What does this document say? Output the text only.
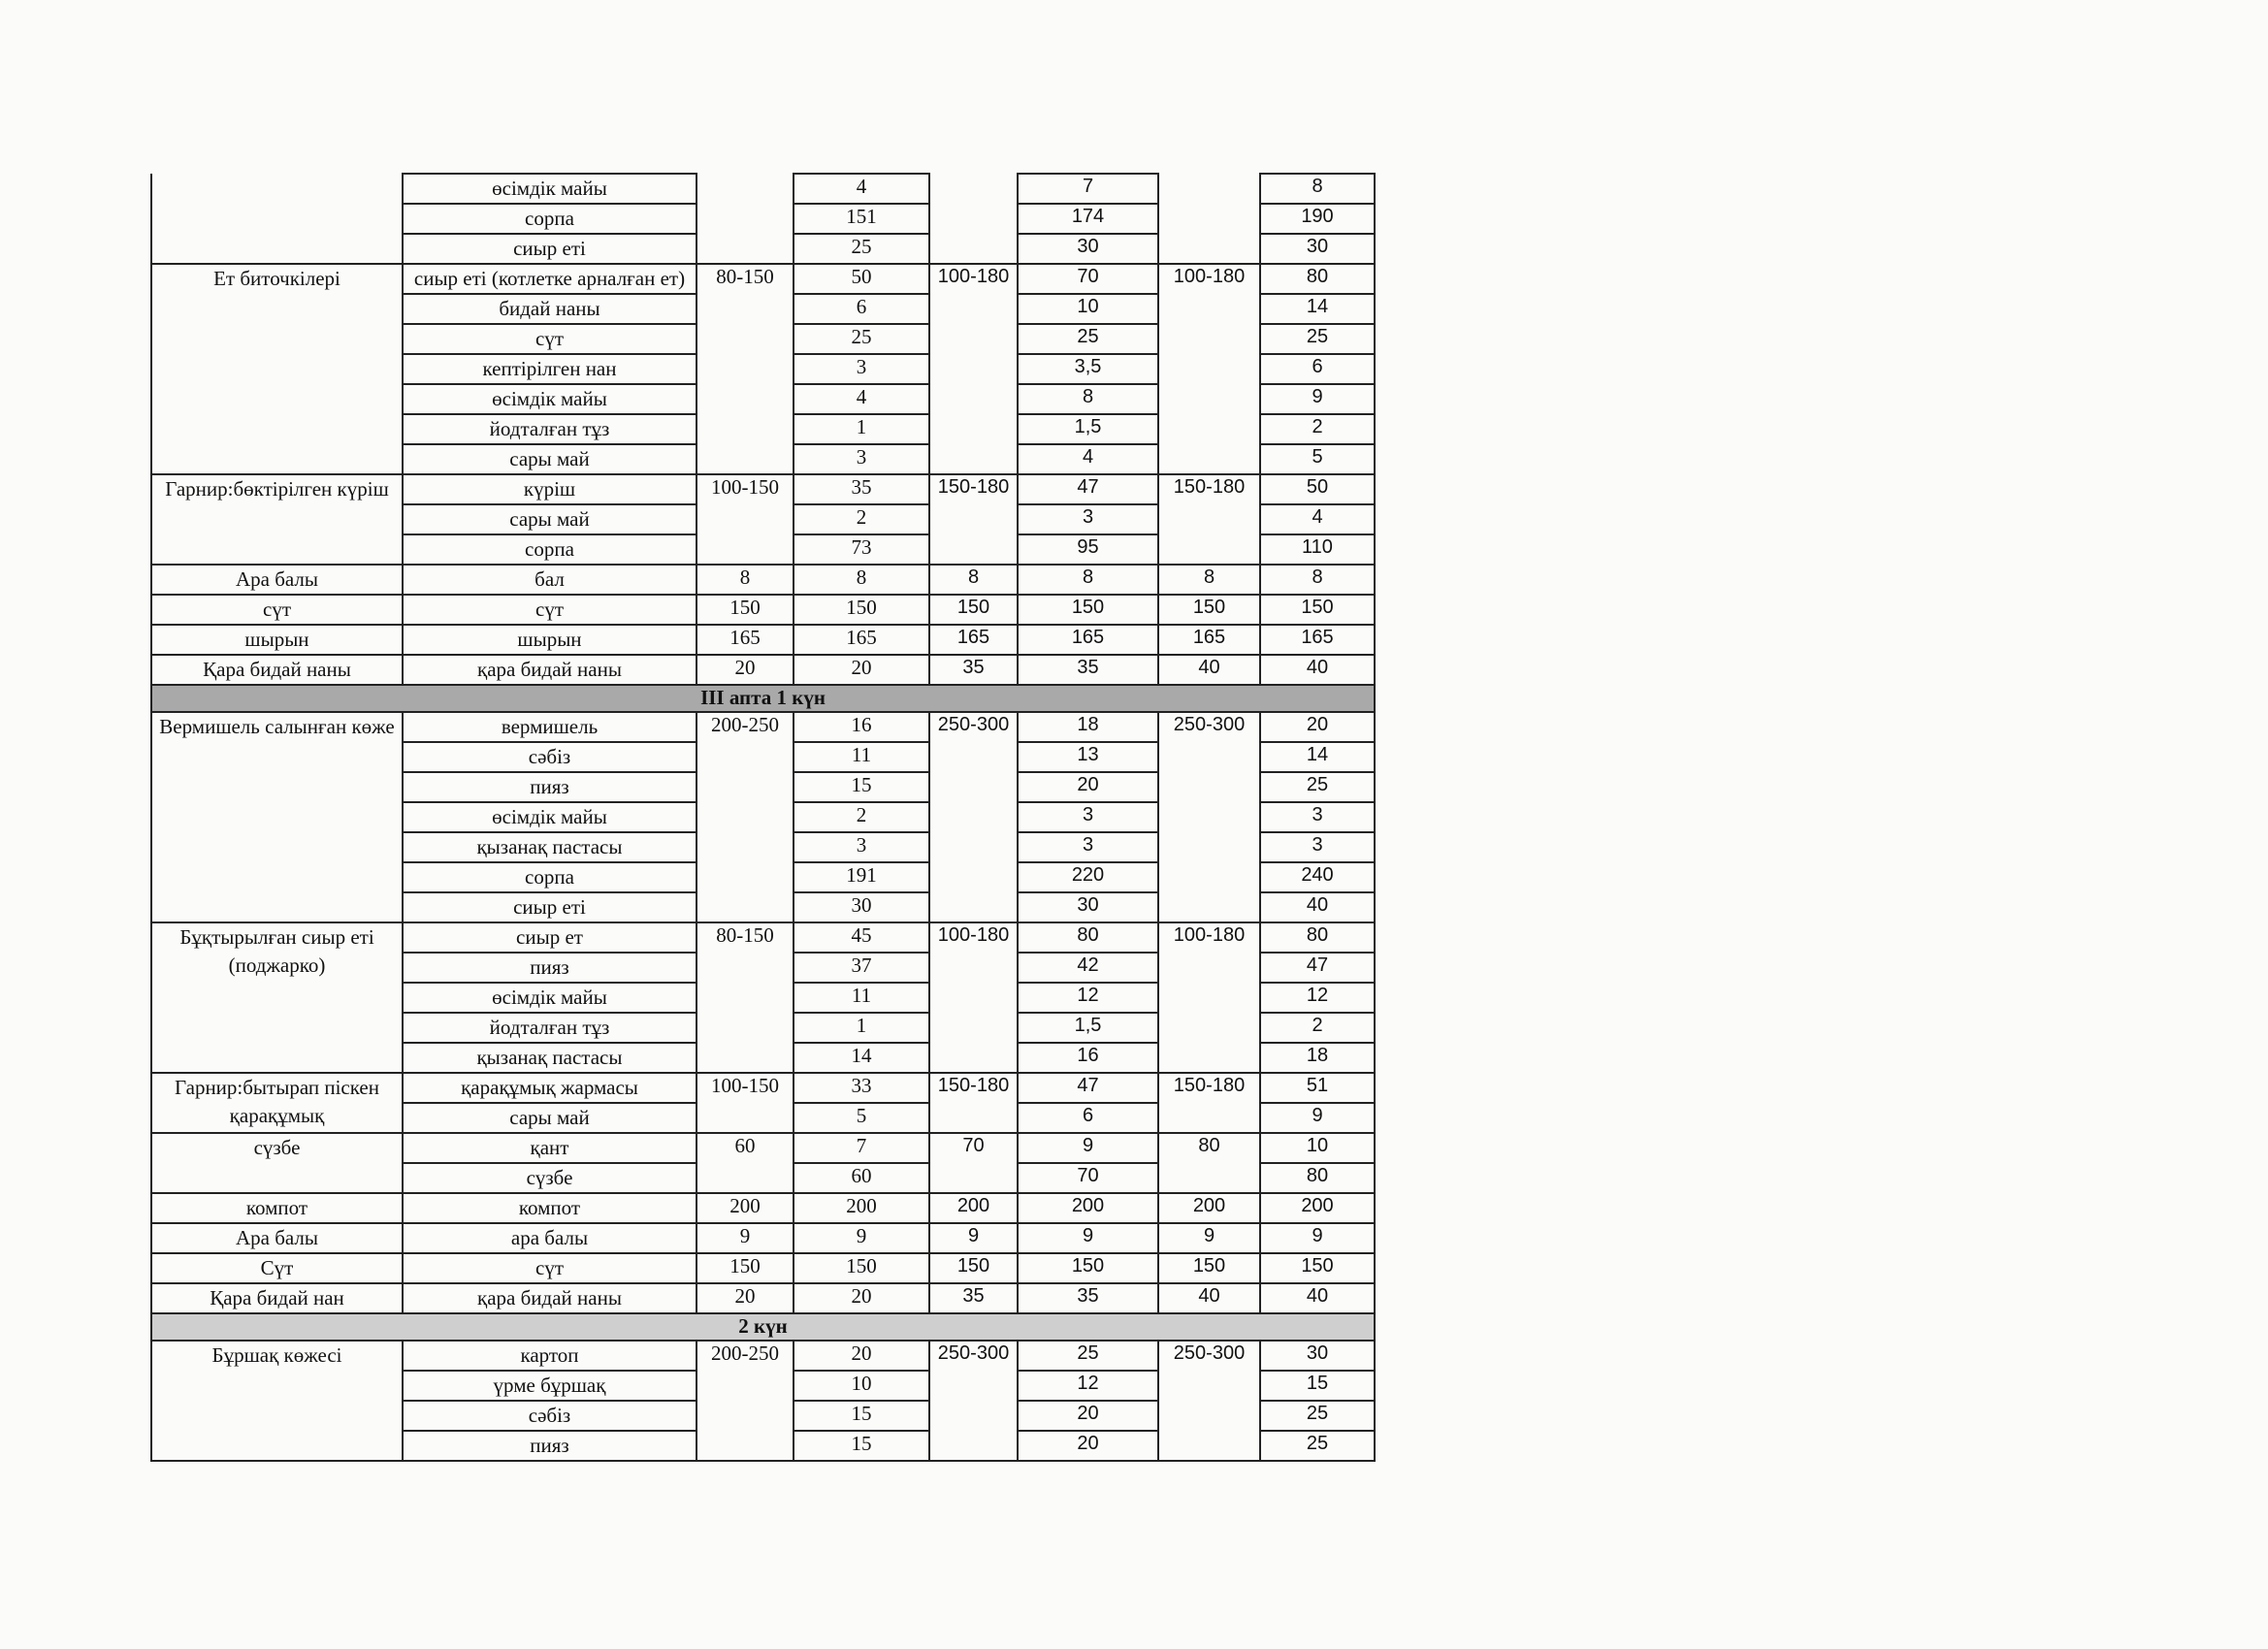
	өсімдік майы		4		7		8
	сорпа		151		174		190
	сиыр еті		25		30		30
Ет биточкілері	сиыр еті (котлетке арналған ет)	80-150	50	100-180	70	100-180	80
	бидай наны		6		10		14
	сүт		25		25		25
	кептірілген нан		3		3,5		6
	өсімдік майы		4		8		9
	йодталған тұз		1		1,5		2
	сары май		3		4		5
Гарнир:бөктірілген күріш	күріш	100-150	35	150-180	47	150-180	50
	сары май		2		3		4
	сорпа		73		95		110
Ара балы	бал	8	8	8	8	8	8
сүт	сүт	150	150	150	150	150	150
шырын	шырын	165	165	165	165	165	165
Қара бидай наны	қара бидай наны	20	20	35	35	40	40
III апта 1 күн							
Вермишель салынған көже	вермишель	200-250	16	250-300	18	250-300	20
	сәбіз		11		13		14
	пияз		15		20		25
	өсімдік майы		2		3		3
	қызанақ пастасы		3		3		3
	сорпа		191		220		240
	сиыр еті		30		30		40
Бұқтырылған сиыр еті (поджарко)	сиыр ет	80-150	45	100-180	80	100-180	80
	пияз		37		42		47
	өсімдік майы		11		12		12
	йодталған тұз		1		1,5		2
	қызанақ пастасы		14		16		18
Гарнир:бытырап піскен қарақұмық	қарақұмық жармасы	100-150	33	150-180	47	150-180	51
	сары май		5		6		9
сүзбе	қант	60	7	70	9	80	10
	сүзбе		60		70		80
компот	компот	200	200	200	200	200	200
Ара балы	ара балы	9	9	9	9	9	9
Сүт	сүт	150	150	150	150	150	150
Қара бидай нан	қара бидай наны	20	20	35	35	40	40
2 күн							
Бұршақ көжесі	картоп	200-250	20	250-300	25	250-300	30
	үрме бұршақ		10		12		15
	сәбіз		15		20		25
	пияз		15		20		25
